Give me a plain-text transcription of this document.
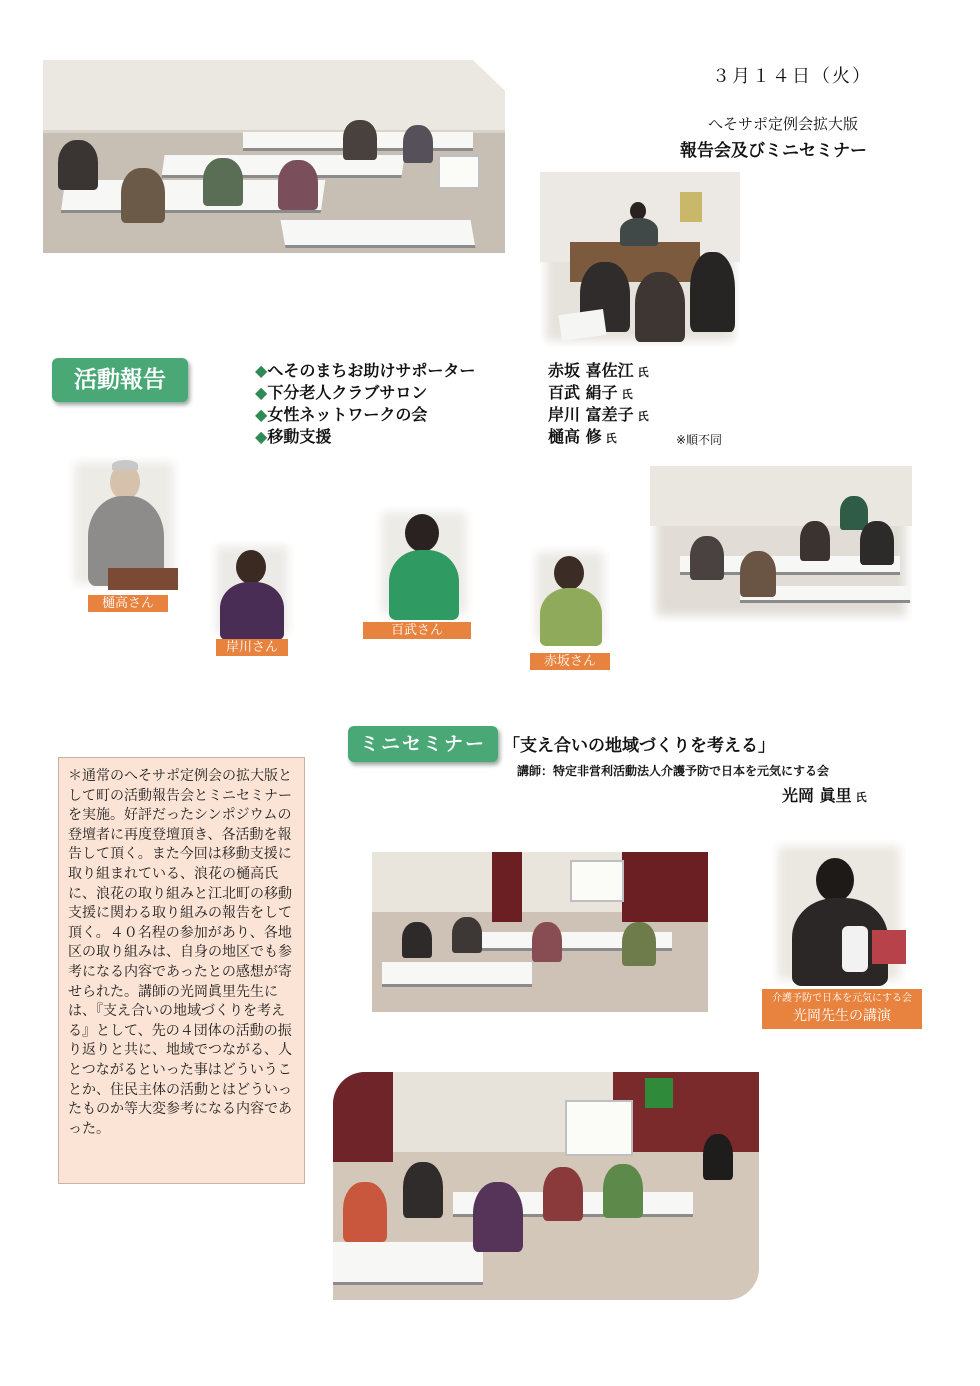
３月１４日（火）
へそサポ定例会拡大版
報告会及びミニセミナー
活動報告	◆へそのまちお助けサポーター
◆下分老人クラブサロン
◆女性ネットワークの会
◆移動支援
赤坂 喜佐江 氏
百武 絹子 氏
岸川 富差子 氏
樋高 修 氏	※順不同
樋高さん
岸川さん
百武さん
赤坂さん
ミニセミナー	「支え合いの地域づくりを考える」
講師：特定非営利活動法人介護予防で日本を元気にする会
光岡 眞里 氏
＊通常のへそサポ定例会の拡大版として町の活動報告会とミニセミナーを実施。好評だったシンポジウムの登壇者に再度登壇頂き、各活動を報告して頂く。また今回は移動支援に取り組まれている、浪花の樋高氏に、浪花の取り組みと江北町の移動支援に関わる取り組みの報告をして頂く。４０名程の参加があり、各地区の取り組みは、自身の地区でも参考になる内容であったとの感想が寄せられた。講師の光岡眞里先生には、『支え合いの地域づくりを考える』として、先の４団体の活動の振り返りと共に、地域でつながる、人とつながるといった事はどういうことか、住民主体の活動とはどういったものか等大変参考になる内容であった。
介護予防で日本を元気にする会
光岡先生の講演
